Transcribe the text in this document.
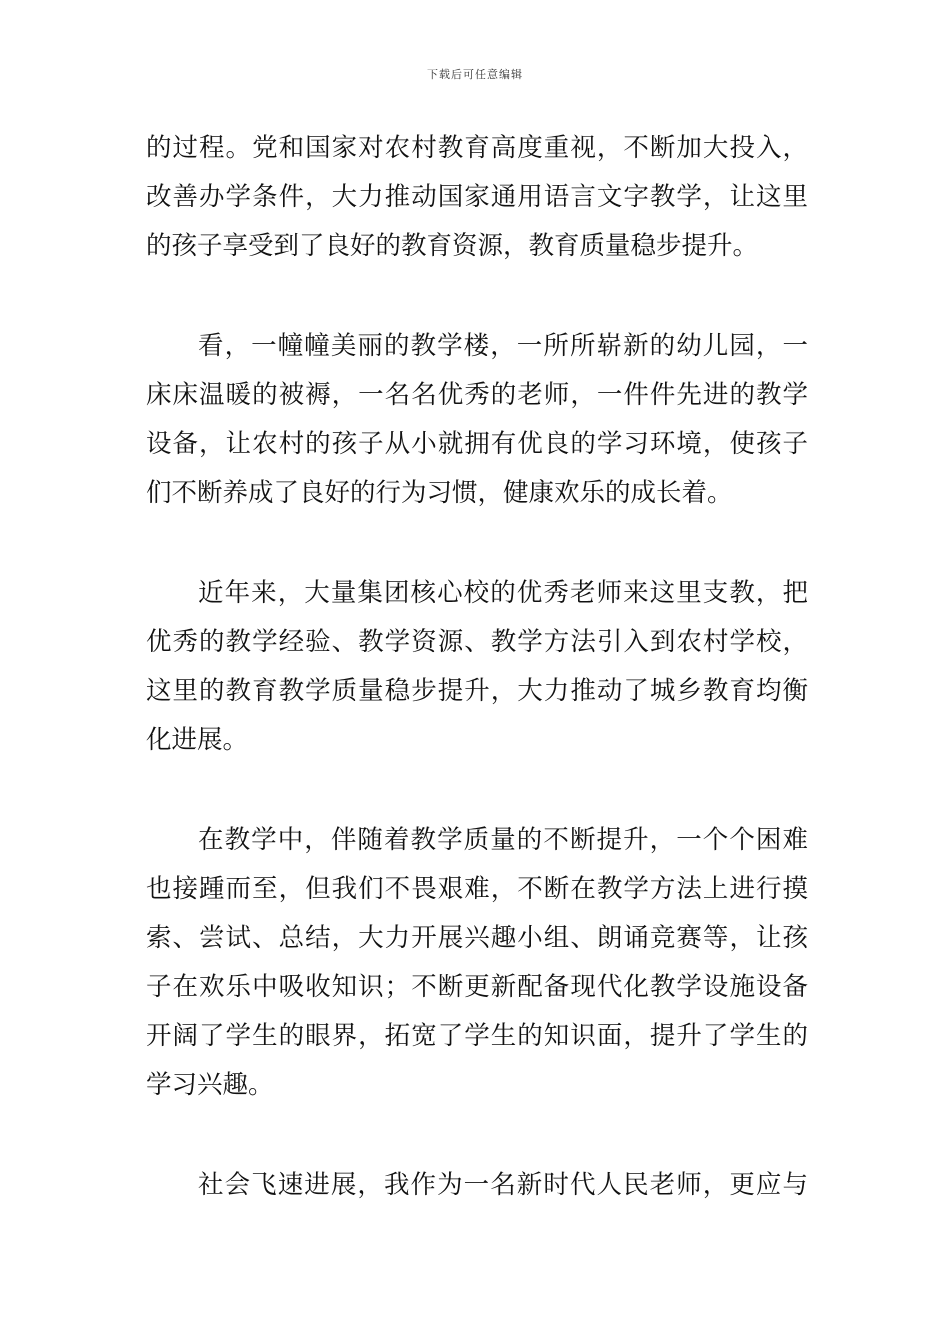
下载后可任意编辑
的过程。党和国家对农村教育高度重视，不断加大投入，
改善办学条件，大力推动国家通用语言文字教学，让这里
的孩子享受到了良好的教育资源，教育质量稳步提升。
看，一幢幢美丽的教学楼，一所所崭新的幼儿园，一
床床温暖的被褥，一名名优秀的老师，一件件先进的教学
设备，让农村的孩子从小就拥有优良的学习环境，使孩子
们不断养成了良好的行为习惯，健康欢乐的成长着。
近年来，大量集团核心校的优秀老师来这里支教，把
优秀的教学经验、教学资源、教学方法引入到农村学校，
这里的教育教学质量稳步提升，大力推动了城乡教育均衡
化进展。
在教学中，伴随着教学质量的不断提升，一个个困难
也接踵而至，但我们不畏艰难，不断在教学方法上进行摸
索、尝试、总结，大力开展兴趣小组、朗诵竞赛等，让孩
子在欢乐中吸收知识；不断更新配备现代化教学设施设备
开阔了学生的眼界，拓宽了学生的知识面，提升了学生的
学习兴趣。
社会飞速进展，我作为一名新时代人民老师，更应与
